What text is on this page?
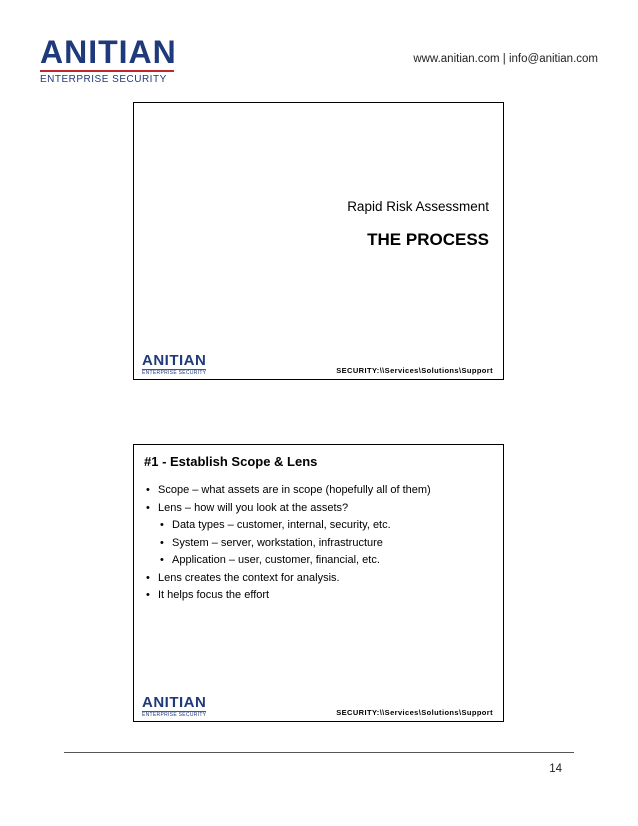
ANITIAN
ENTERPRISE SECURITY
www.anitian.com | info@anitian.com
Rapid Risk Assessment
THE PROCESS
ANITIAN
ENTERPRISE SECURITY	SECURITY:\\Services\Solutions\Support
#1 - Establish Scope & Lens
• Scope – what assets are in scope (hopefully all of them)
• Lens – how will you look at the assets?
• Data types – customer, internal, security, etc.
• System – server, workstation, infrastructure
• Application – user, customer, financial, etc.
• Lens creates the context for analysis.
• It helps focus the effort
ANITIAN
ENTERPRISE SECURITY	SECURITY:\\Services\Solutions\Support
14
